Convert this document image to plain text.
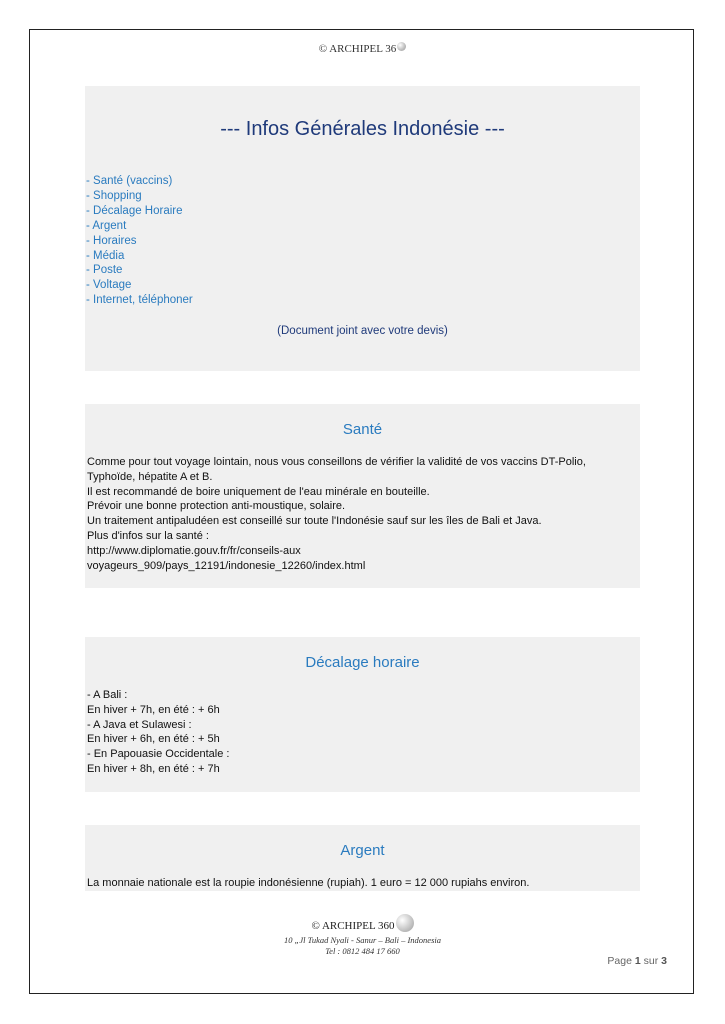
© ARCHIPEL 36
--- Infos Générales Indonésie ---
- Santé (vaccins)
- Shopping
- Décalage Horaire
- Argent
- Horaires
- Média
- Poste
- Voltage
- Internet, téléphoner
(Document joint avec votre devis)
Santé
Comme pour tout voyage lointain, nous vous conseillons de vérifier la validité de vos vaccins DT-Polio,
Typhoïde, hépatite A et B.
Il est recommandé de boire uniquement de l'eau minérale en bouteille.
Prévoir une bonne protection anti-moustique, solaire.
Un traitement antipaludéen est conseillé sur toute l'Indonésie sauf sur les îles de Bali et Java.
Plus d'infos sur la santé :
http://www.diplomatie.gouv.fr/fr/conseils-aux
voyageurs_909/pays_12191/indonesie_12260/index.html
Décalage horaire
- A Bali :
En hiver + 7h, en été : + 6h
- A Java et Sulawesi :
En hiver + 6h, en été : + 5h
- En Papouasie Occidentale :
En hiver + 8h, en été : + 7h
Argent
La monnaie nationale est la roupie indonésienne (rupiah). 1 euro = 12 000 rupiahs environ.
© ARCHIPEL 360
10 „Jl Tukad Nyali - Sanur – Bali – Indonesia
Tel : 0812 484 17 660
Page 1 sur 3
